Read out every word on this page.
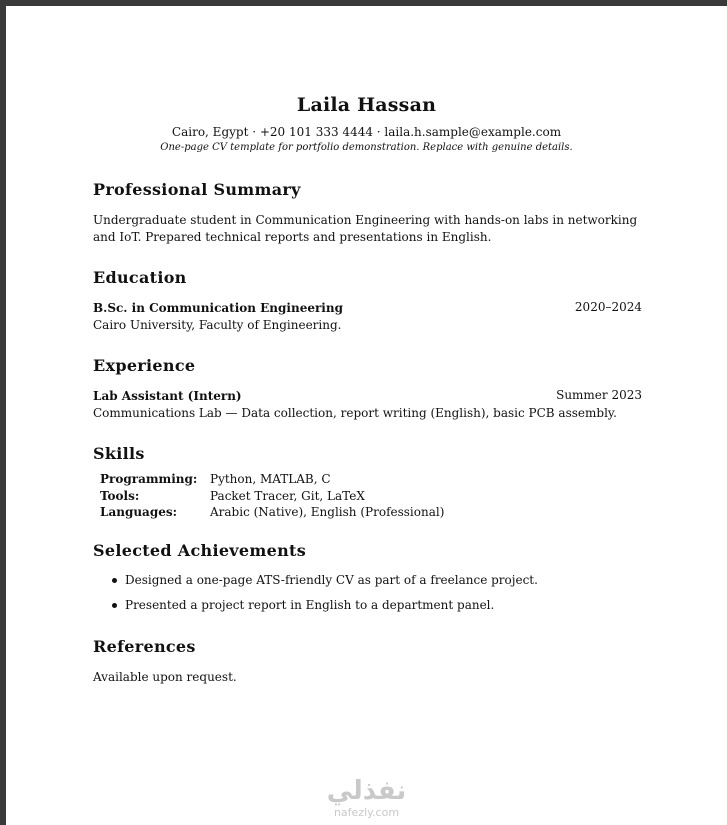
Laila Hassan
Cairo, Egypt · +20 101 333 4444 · laila.h.sample@example.com
One-page CV template for portfolio demonstration. Replace with genuine details.
Professional Summary
Undergraduate student in Communication Engineering with hands-on labs in networking and IoT. Prepared technical reports and presentations in English.
Education
B.Sc. in Communication Engineering	2020–2024
Cairo University, Faculty of Engineering.
Experience
Lab Assistant (Intern)	Summer 2023
Communications Lab — Data collection, report writing (English), basic PCB assembly.
Skills
Programming:	Python, MATLAB, C
Tools:	Packet Tracer, Git, LaTeX
Languages:	Arabic (Native), English (Professional)
Selected Achievements
Designed a one-page ATS-friendly CV as part of a freelance project.
Presented a project report in English to a department panel.
References
Available upon request.
نفذلي
nafezly.com
